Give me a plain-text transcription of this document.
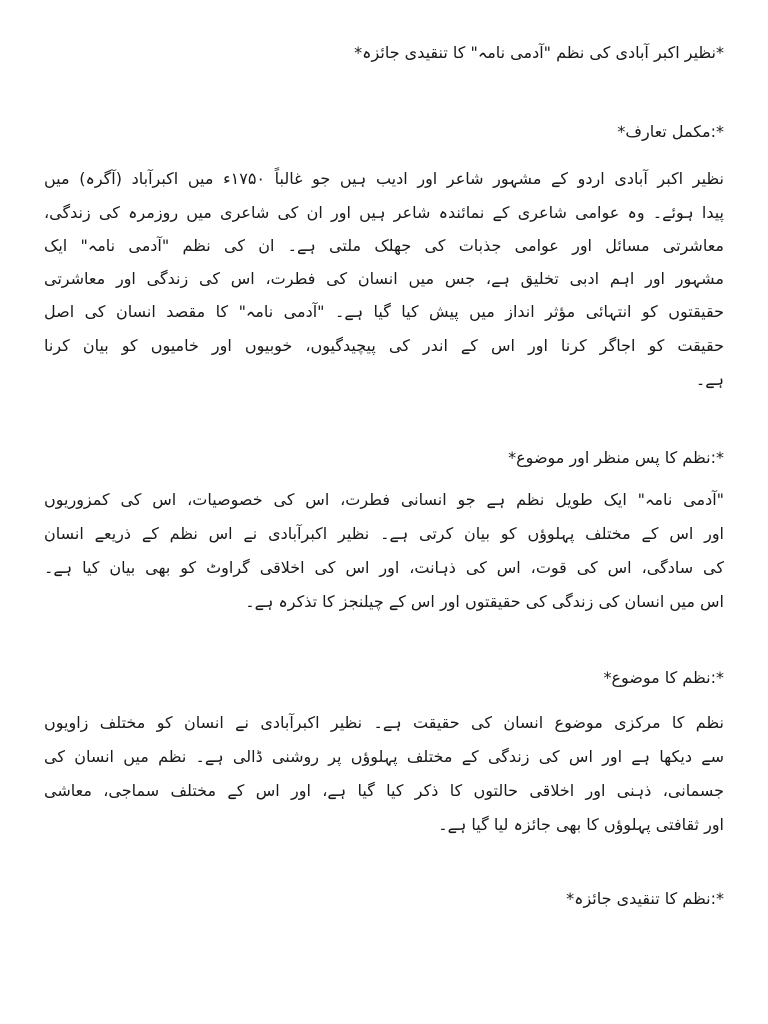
*نظیر اکبر آبادی کی نظم "آدمی نامہ" کا تنقیدی جائزہ*

*:مکمل تعارف*

نظیر اکبر آبادی اردو کے مشہور شاعر اور ادیب ہیں جو غالباً ۱۷۵۰ء میں اکبرآباد (آگرہ) میں

پیدا ہوئے۔ وہ عوامی شاعری کے نمائندہ شاعر ہیں اور ان کی شاعری میں روزمرہ کی زندگی،

معاشرتی مسائل اور عوامی جذبات کی جھلک ملتی ہے۔ ان کی نظم "آدمی نامہ" ایک

مشہور اور اہم ادبی تخلیق ہے، جس میں انسان کی فطرت، اس کی زندگی اور معاشرتی

حقیقتوں کو انتہائی مؤثر انداز میں پیش کیا گیا ہے۔ "آدمی نامہ" کا مقصد انسان کی اصل

حقیقت کو اجاگر کرنا اور اس کے اندر کی پیچیدگیوں، خوبیوں اور خامیوں کو بیان کرنا

ہے۔

*:نظم کا پس منظر اور موضوع*

"آدمی نامہ" ایک طویل نظم ہے جو انسانی فطرت، اس کی خصوصیات، اس کی کمزوریوں

اور اس کے مختلف پہلوؤں کو بیان کرتی ہے۔ نظیر اکبرآبادی نے اس نظم کے ذریعے انسان

کی سادگی، اس کی قوت، اس کی ذہانت، اور اس کی اخلاقی گراوٹ کو بھی بیان کیا ہے۔

اس میں انسان کی زندگی کی حقیقتوں اور اس کے چیلنجز کا تذکرہ ہے۔

*:نظم کا موضوع*

نظم کا مرکزی موضوع انسان کی حقیقت ہے۔ نظیر اکبرآبادی نے انسان کو مختلف زاویوں

سے دیکھا ہے اور اس کی زندگی کے مختلف پہلوؤں پر روشنی ڈالی ہے۔ نظم میں انسان کی

جسمانی، ذہنی اور اخلاقی حالتوں کا ذکر کیا گیا ہے، اور اس کے مختلف سماجی، معاشی

اور ثقافتی پہلوؤں کا بھی جائزہ لیا گیا ہے۔

*:نظم کا تنقیدی جائزہ*
